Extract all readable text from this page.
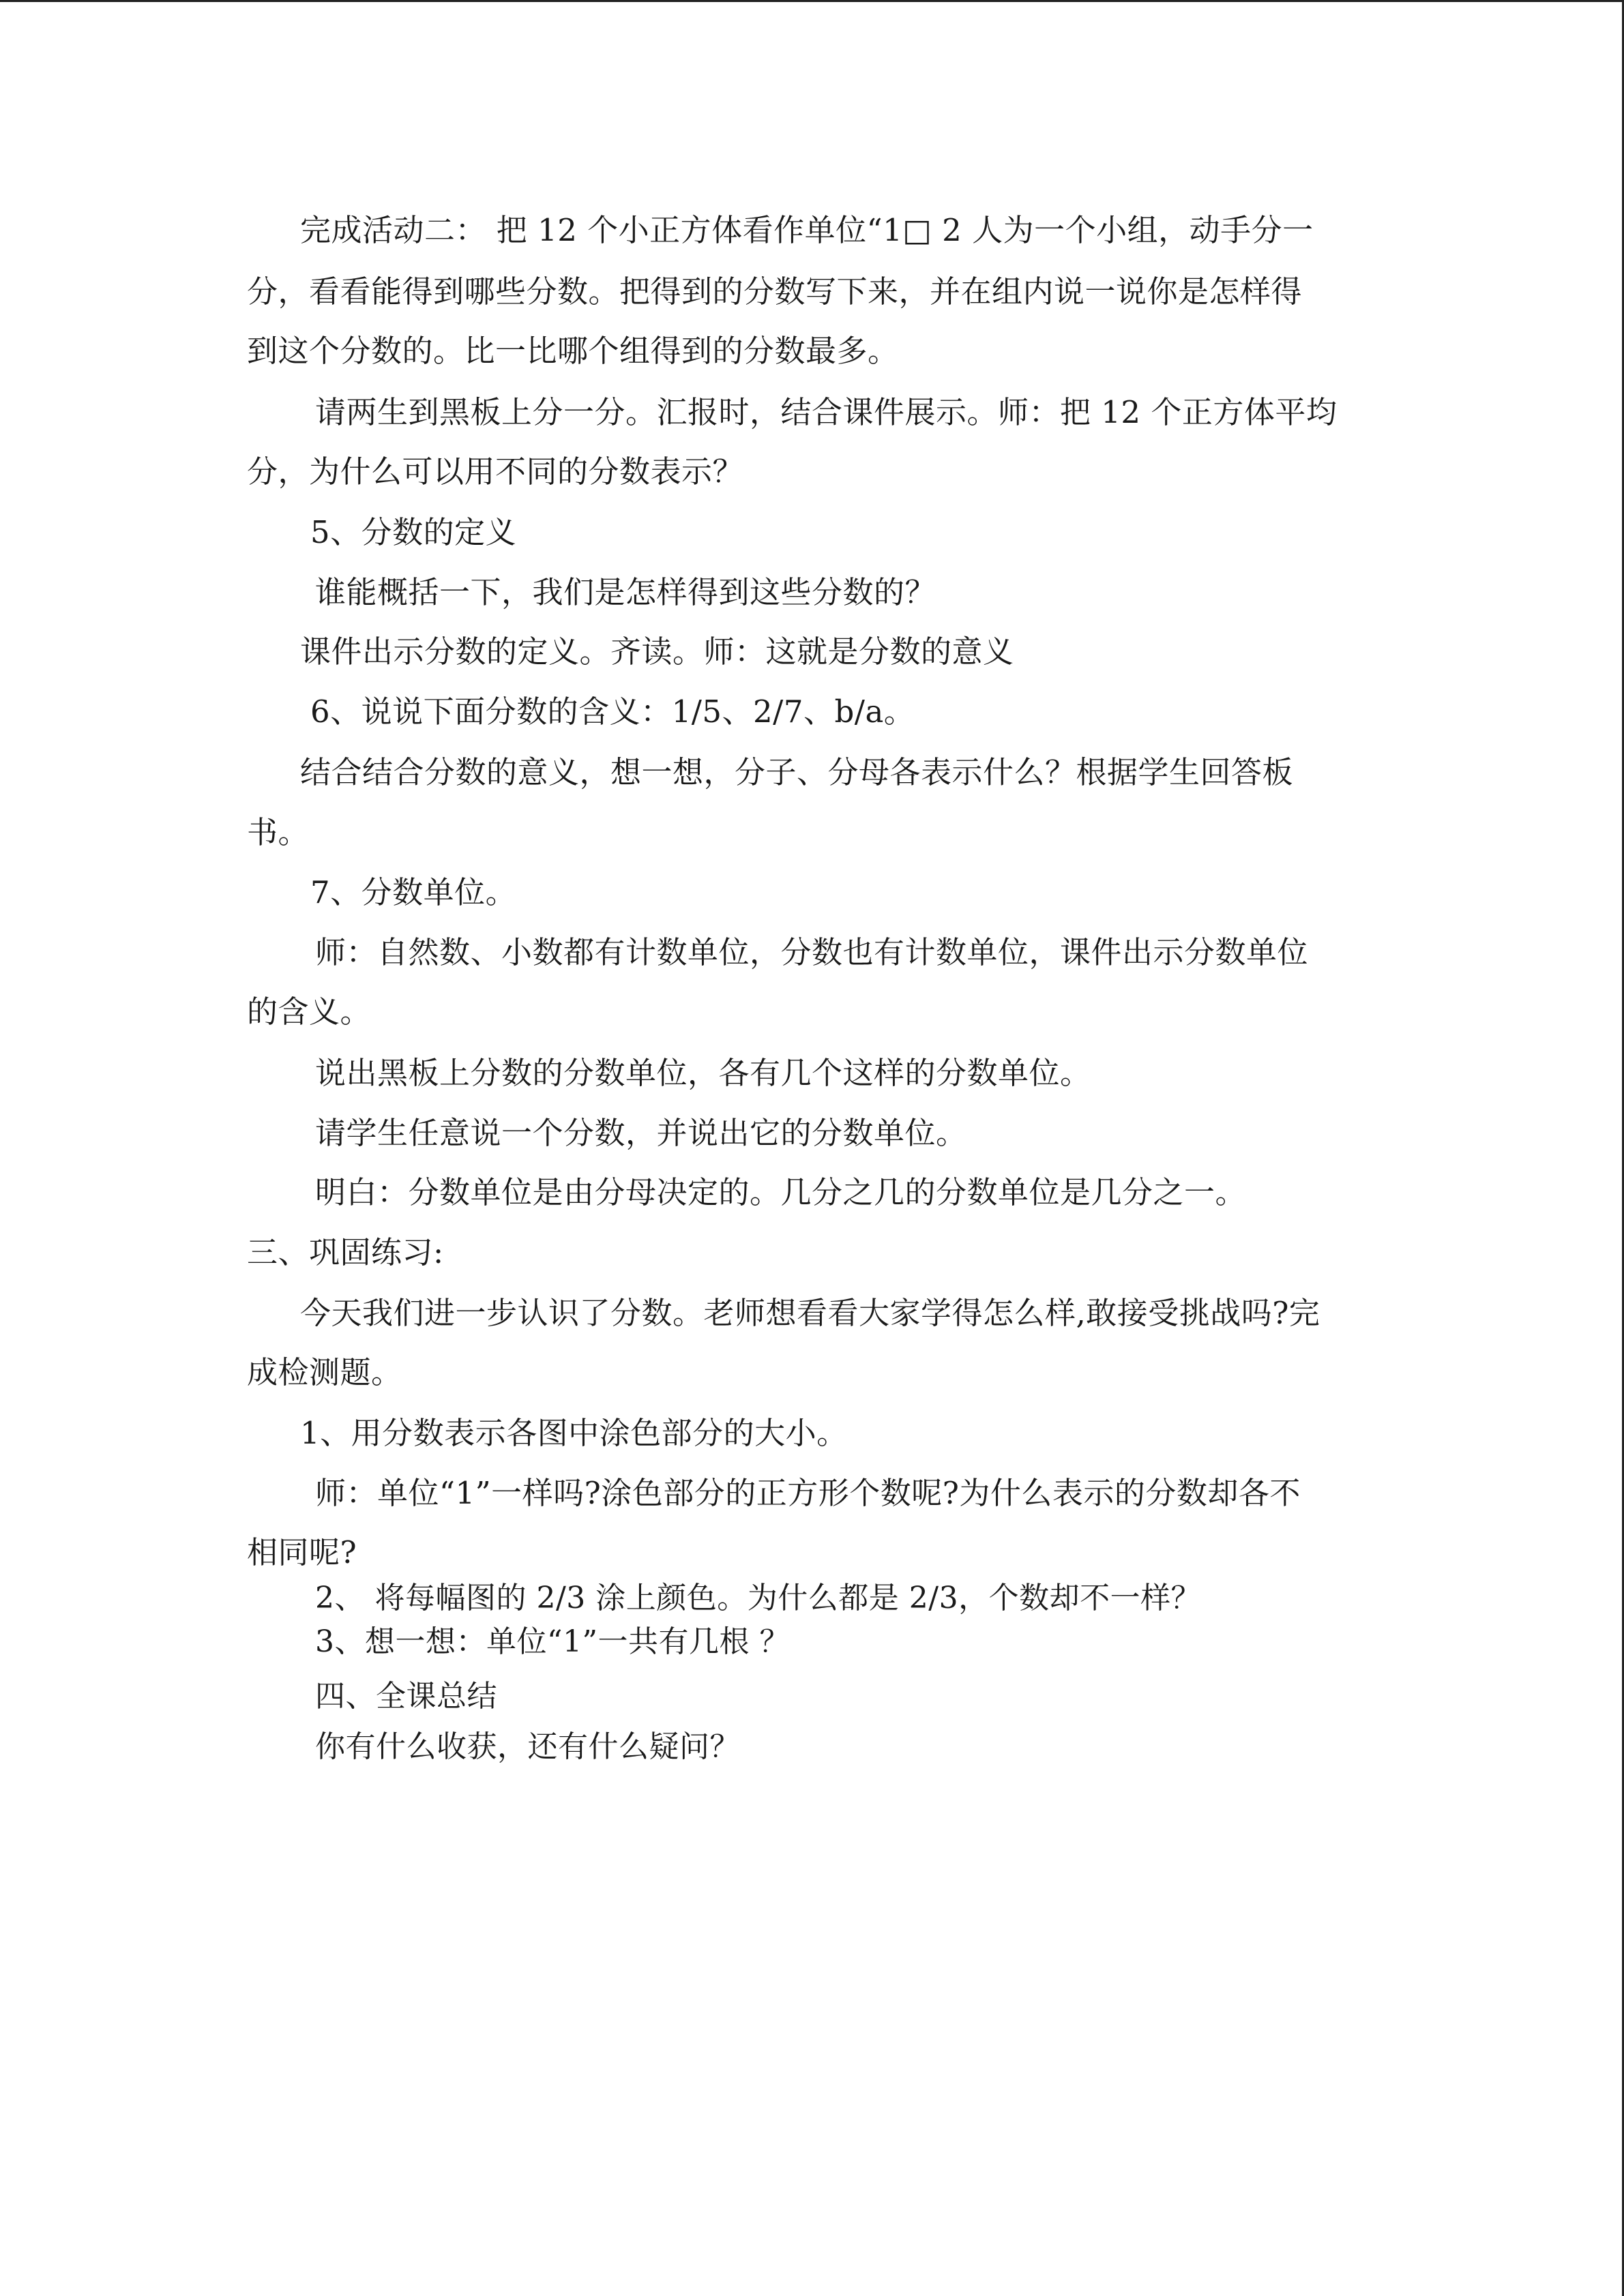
完成活动二： 把 12 个小正方体看作单位“1□ 2 人为一个小组，动手分一
分，看看能得到哪些分数。把得到的分数写下来，并在组内说一说你是怎样得
到这个分数的。比一比哪个组得到的分数最多。
请两生到黑板上分一分。汇报时，结合课件展示。师：把 12 个正方体平均
分，为什么可以用不同的分数表示？
5、分数的定义
谁能概括一下，我们是怎样得到这些分数的？
课件出示分数的定义。齐读。师：这就是分数的意义
6、说说下面分数的含义：1/5、2/7、b/a。
结合结合分数的意义，想一想，分子、分母各表示什么？根据学生回答板
书。
7、分数单位。
师：自然数、小数都有计数单位，分数也有计数单位，课件出示分数单位
的含义。
说出黑板上分数的分数单位，各有几个这样的分数单位。
请学生任意说一个分数，并说出它的分数单位。
明白：分数单位是由分母决定的。几分之几的分数单位是几分之一。
三、巩固练习:
今天我们进一步认识了分数。老师想看看大家学得怎么样,敢接受挑战吗?完
成检测题。
1、用分数表示各图中涂色部分的大小。
师：单位“1”一样吗?涂色部分的正方形个数呢?为什么表示的分数却各不
相同呢?
2、 将每幅图的 2/3 涂上颜色。为什么都是 2/3，个数却不一样？
3、想一想：单位“1”一共有几根 ？
四、全课总结
你有什么收获，还有什么疑问？
